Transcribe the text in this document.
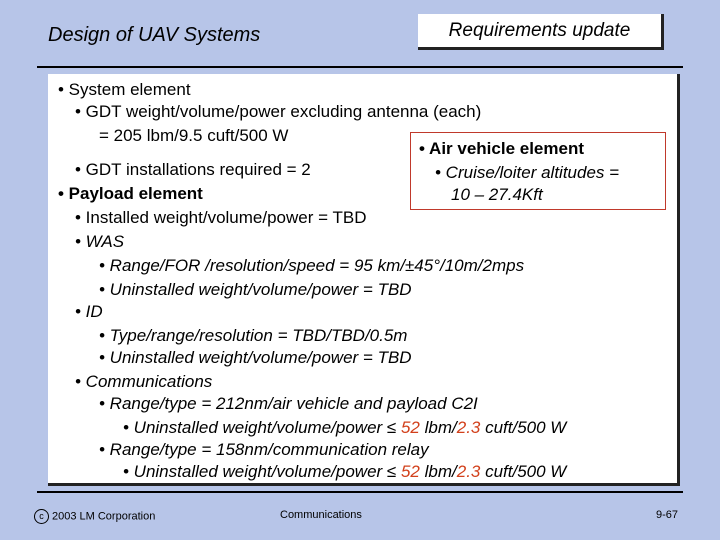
Design of UAV Systems	Requirements update
• System element
• GDT weight/volume/power excluding antenna (each)
= 205 lbm/9.5 cuft/500 W
• GDT installations required = 2
• Payload element
• Installed weight/volume/power = TBD
• WAS
• Range/FOR /resolution/speed = 95 km/±45°/10m/2mps
• Uninstalled weight/volume/power = TBD
• ID
• Type/range/resolution = TBD/TBD/0.5m
• Uninstalled weight/volume/power = TBD
• Communications
• Range/type = 212nm/air vehicle and payload C2I
• Uninstalled weight/volume/power ≤ 52 lbm/2.3 cuft/500 W
• Range/type = 158nm/communication relay
• Uninstalled weight/volume/power ≤ 52 lbm/2.3 cuft/500 W
• Air vehicle element
• Cruise/loiter altitudes =
10 – 27.4Kft
c 2003 LM Corporation	Communications	9-67
